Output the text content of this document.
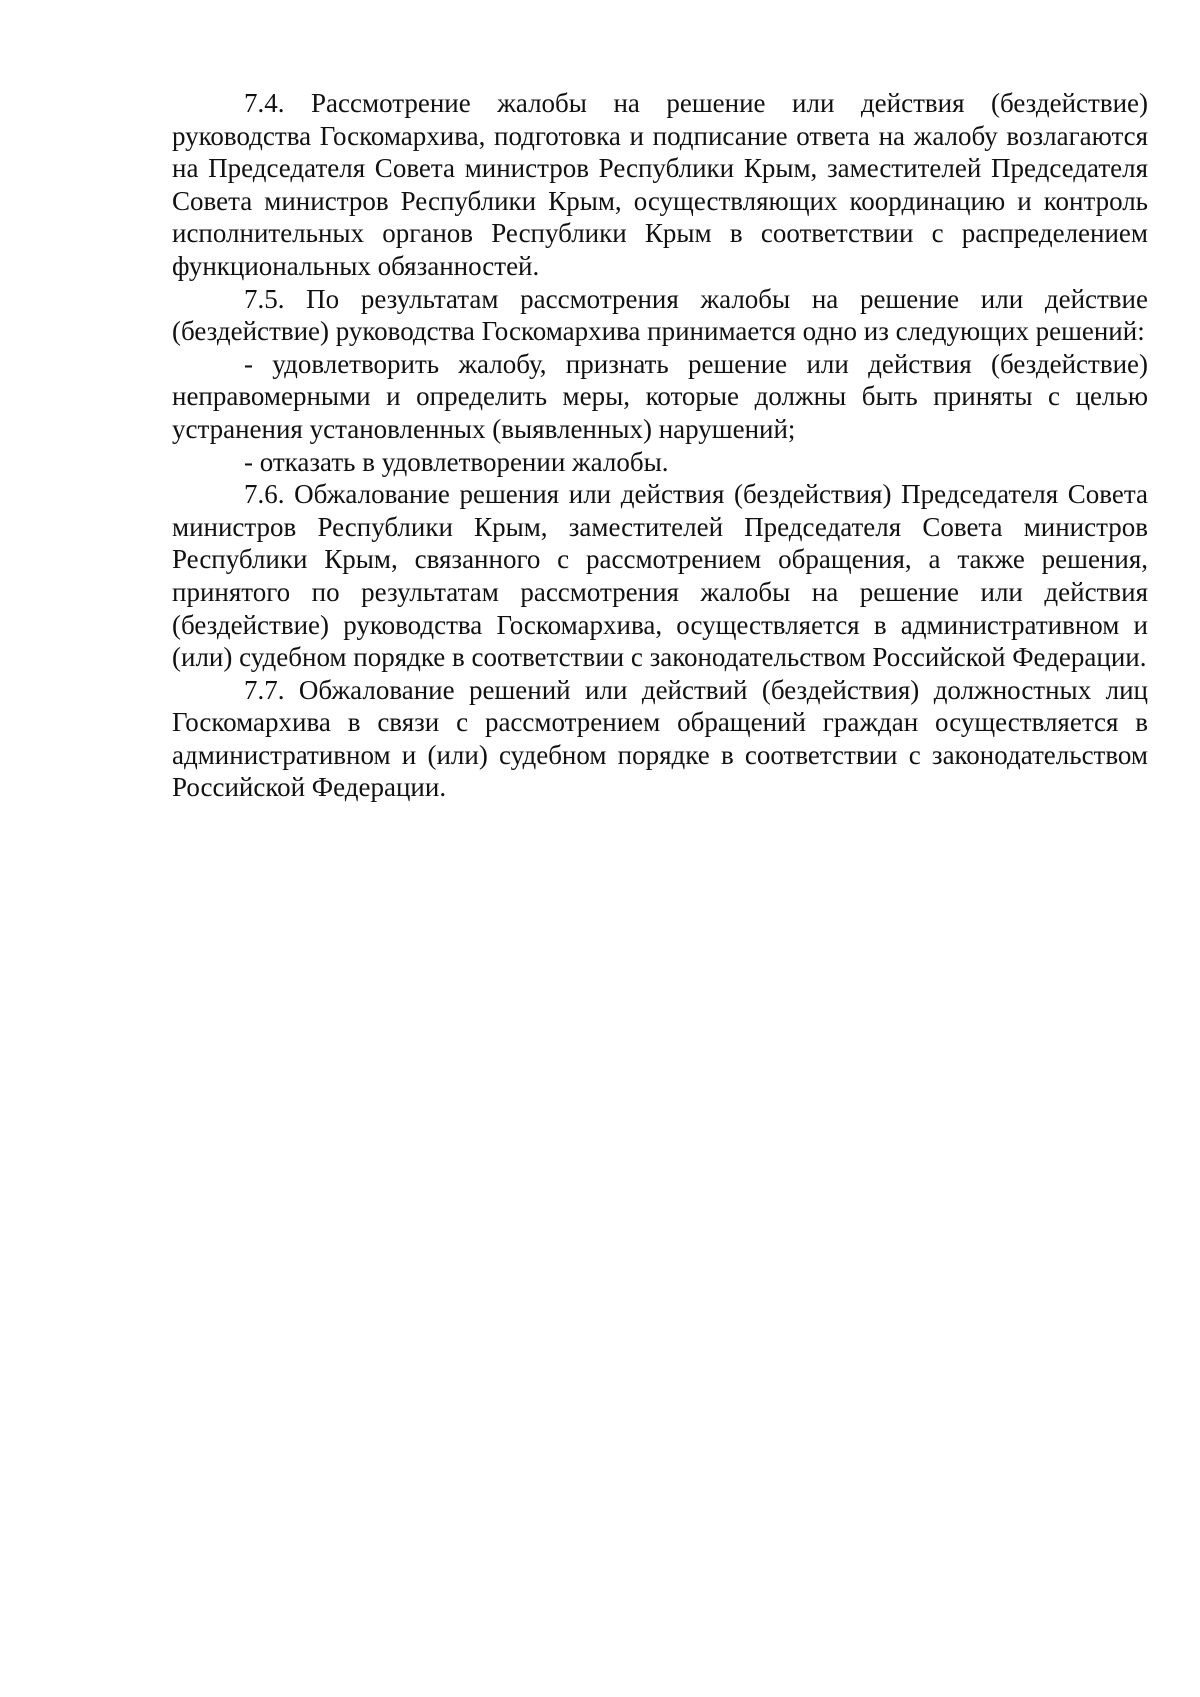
7.4. Рассмотрение жалобы на решение или действия (бездействие) руководства Госкомархива, подготовка и подписание ответа на жалобу возлагаются на Председателя Совета министров Республики Крым, заместителей Председателя Совета министров Республики Крым, осуществляющих координацию и контроль исполнительных органов Республики Крым в соответствии с распределением функциональных обязанностей.

7.5. По результатам рассмотрения жалобы на решение или действие (бездействие) руководства Госкомархива принимается одно из следующих решений:

- удовлетворить жалобу, признать решение или действия (бездействие) неправомерными и определить меры, которые должны быть приняты с целью устранения установленных (выявленных) нарушений;

- отказать в удовлетворении жалобы.

7.6. Обжалование решения или действия (бездействия) Председателя Совета министров Республики Крым, заместителей Председателя Совета министров Республики Крым, связанного с рассмотрением обращения, а также решения, принятого по результатам рассмотрения жалобы на решение или действия (бездействие) руководства Госкомархива, осуществляется в административном и (или) судебном порядке в соответствии с законодательством Российской Федерации.

7.7. Обжалование решений или действий (бездействия) должностных лиц Госкомархива в связи с рассмотрением обращений граждан осуществляется в административном и (или) судебном порядке в соответствии с законодательством Российской Федерации.
